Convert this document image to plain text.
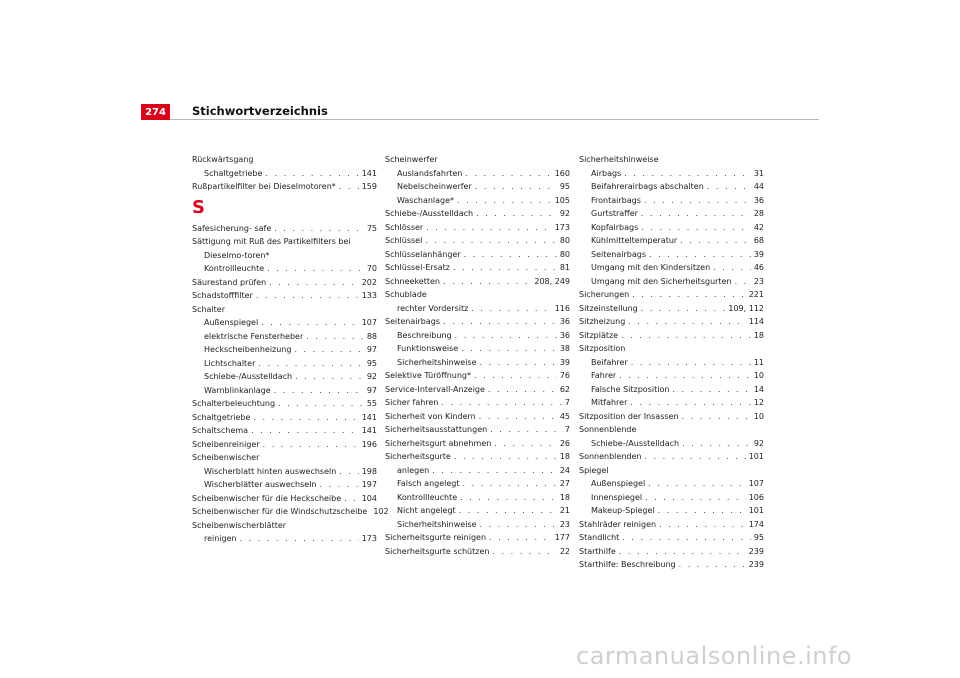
274	Stichwortverzeichnis
Rückwärtsgang
Schaltgetriebe . . .	141
Rußpartikelfilter bei Dieselmotoren* . . .	159
S
Safesicherung- safe . . .	75
Sättigung mit Ruß des Partikelfilters bei Dieselmo-toren*
Kontrollleuchte . . .	70
Säurestand prüfen . . .	202
Schadstofffilter . . .	133
Schalter
Außenspiegel . . .	107
elektrische Fensterheber . . .	88
Heckscheibenheizung . . .	97
Lichtschalter . . .	95
Schiebe-/Ausstelldach . . .	92
Warnblinkanlage . . .	97
Schalterbeleuchtung . . .	55
Schaltgetriebe . . .	141
Schaltschema . . .	141
Scheibenreiniger . . .	196
Scheibenwischer
Wischerblatt hinten auswechseln . . .	198
Wischerblätter auswechseln . . .	197
Scheibenwischer für die Heckscheibe . . .	104
Scheibenwischer für die Windschutzscheibe 102
Scheibenwischerblätter
reinigen . . .	173
Scheinwerfer
Auslandsfahrten . . .	160
Nebelscheinwerfer . . .	95
Waschanlage* . . .	105
Schiebe-/Ausstelldach . . .	92
Schlösser . . .	173
Schlüssel . . .	80
Schlüsselanhänger . . .	80
Schlüssel-Ersatz . . .	81
Schneeketten . . .	208, 249
Schublade
rechter Vordersitz . . .	116
Seitenairbags . . .	36
Beschreibung . . .	36
Funktionsweise . . .	38
Sicherheitshinweise . . .	39
Selektive Türöffnung* . . .	76
Service-Intervall-Anzeige . . .	62
Sicher fahren . . .	7
Sicherheit von Kindern . . .	45
Sicherheitsausstattungen . . .	7
Sicherheitsgurt abnehmen . . .	26
Sicherheitsgurte . . .	18
anlegen . . .	24
Falsch angelegt . . .	27
Kontrollleuchte . . .	18
Nicht angelegt . . .	21
Sicherheitshinweise . . .	23
Sicherheitsgurte reinigen . . .	177
Sicherheitsgurte schützen . . .	22
Sicherheitshinweise
Airbags . . .	31
Beifahrerairbags abschalten . . .	44
Frontairbags . . .	36
Gurtstraffer . . .	28
Kopfairbags . . .	42
Kühlmitteltemperatur . . .	68
Seitenairbags . . .	39
Umgang mit den Kindersitzen . . .	46
Umgang mit den Sicherheitsgurten . . .	23
Sicherungen . . .	221
Sitzeinstellung . . .	109, 112
Sitzheizung . . .	114
Sitzplätze . . .	18
Sitzposition
Beifahrer . . .	11
Fahrer . . .	10
Falsche Sitzposition . . .	14
Mitfahrer . . .	12
Sitzposition der Insassen . . .	10
Sonnenblende
Schiebe-/Ausstelldach . . .	92
Sonnenblenden . . .	101
Spiegel
Außenspiegel . . .	107
Innenspiegel . . .	106
Makeup-Spiegel . . .	101
Stahlräder reinigen . . .	174
Standlicht . . .	95
Starthilfe . . .	239
Starthilfe: Beschreibung . . .	239
carmanualsonline.info
